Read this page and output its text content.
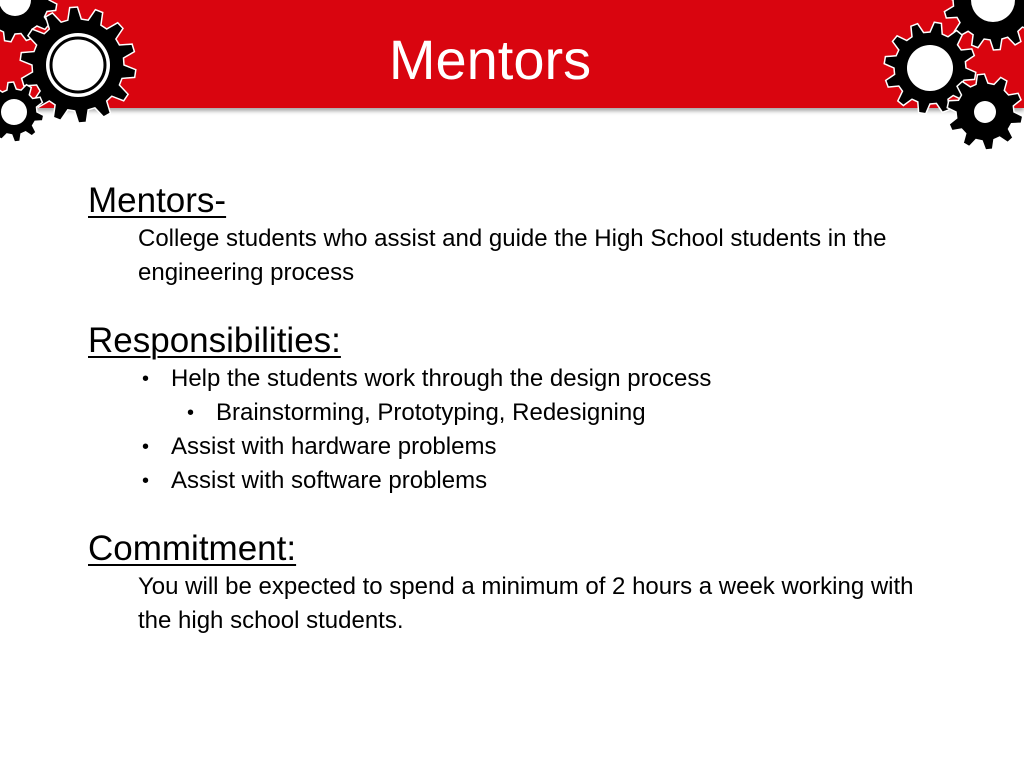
Mentors
Mentors-
College students who assist and guide the High School students in the engineering process
Responsibilities:
• Help the students work through the design process
• Brainstorming, Prototyping, Redesigning
• Assist with hardware problems
• Assist with software problems
Commitment:
You will be expected to spend a minimum of 2 hours a week working with the high school students.
